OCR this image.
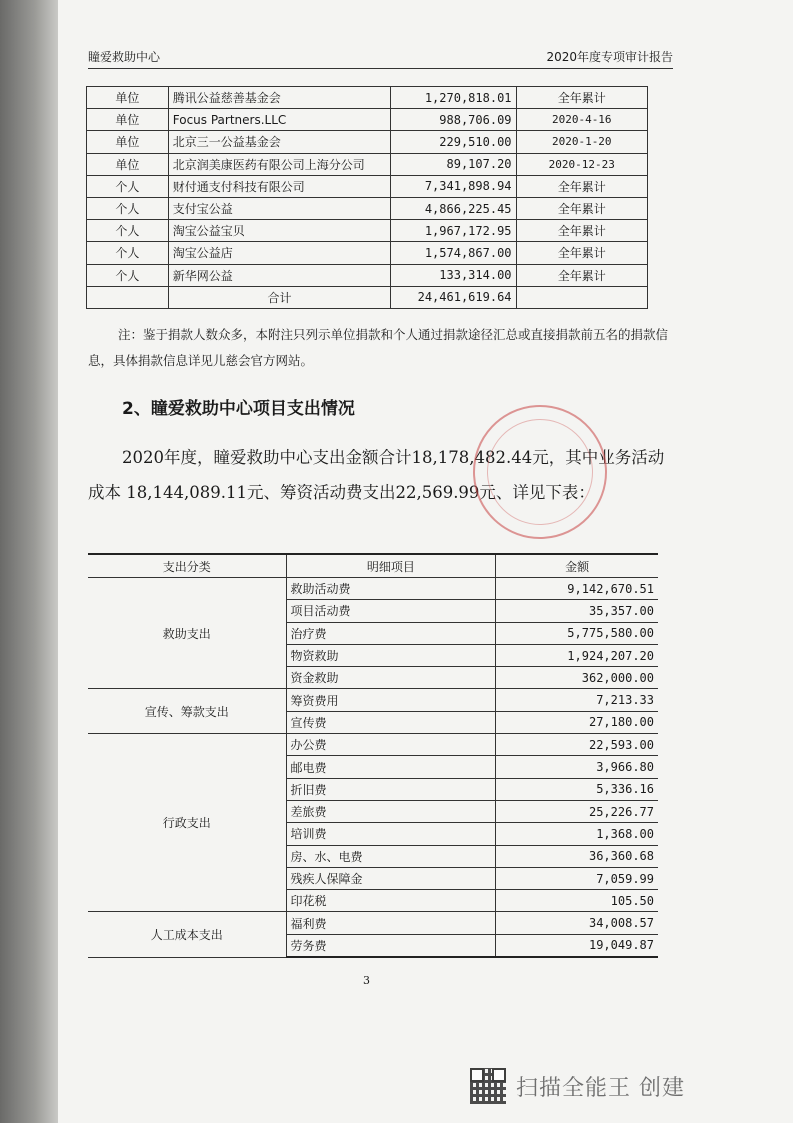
瞳爱救助中心	2020年度专项审计报告
单位	腾讯公益慈善基金会	1,270,818.01	全年累计
单位	Focus Partners.LLC	988,706.09	2020-4-16
单位	北京三一公益基金会	229,510.00	2020-1-20
单位	北京润美康医药有限公司上海分公司	89,107.20	2020-12-23
个人	财付通支付科技有限公司	7,341,898.94	全年累计
个人	支付宝公益	4,866,225.45	全年累计
个人	淘宝公益宝贝	1,967,172.95	全年累计
个人	淘宝公益店	1,574,867.00	全年累计
个人	新华网公益	133,314.00	全年累计
	合计	24,461,619.64	
注：鉴于捐款人数众多，本附注只列示单位捐款和个人通过捐款途径汇总或直接捐款前五名的捐款信息，具体捐款信息详见儿慈会官方网站。
2、瞳爱救助中心项目支出情况
2020年度，瞳爱救助中心支出金额合计18,178,482.44元，其中业务活动成本 18,144,089.11元、筹资活动费支出22,569.99元、详见下表：
支出分类	明细项目	金额
救助支出	救助活动费	9,142,670.51
	项目活动费	35,357.00
	治疗费	5,775,580.00
	物资救助	1,924,207.20
	资金救助	362,000.00
宣传、筹款支出	筹资费用	7,213.33
	宣传费	27,180.00
行政支出	办公费	22,593.00
	邮电费	3,966.80
	折旧费	5,336.16
	差旅费	25,226.77
	培训费	1,368.00
	房、水、电费	36,360.68
	残疾人保障金	7,059.99
	印花税	105.50
人工成本支出	福利费	34,008.57
	劳务费	19,049.87
3
扫描全能王 创建
